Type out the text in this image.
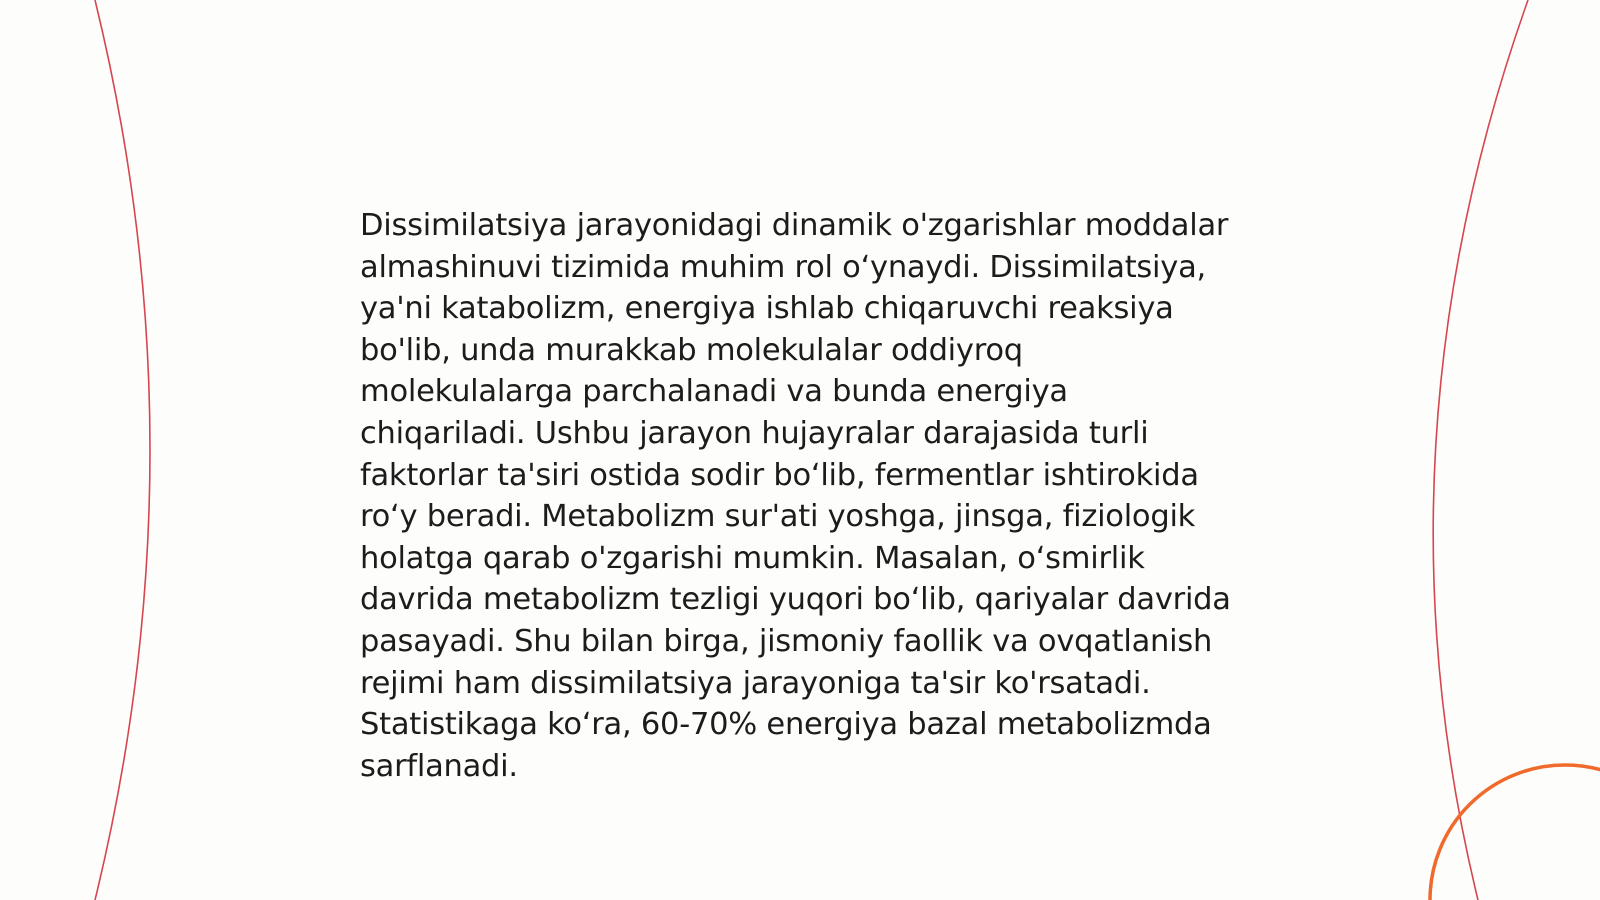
Dissimilatsiya jarayonidagi dinamik o'zgarishlar moddalar almashinuvi tizimida muhim rol oʻynaydi. Dissimilatsiya, ya'ni katabolizm, energiya ishlab chiqaruvchi reaksiya bo'lib, unda murakkab molekulalar oddiyroq molekulalarga parchalanadi va bunda energiya chiqariladi. Ushbu jarayon hujayralar darajasida turli faktorlar ta'siri ostida sodir boʻlib, fermentlar ishtirokida roʻy beradi. Metabolizm sur'ati yoshga, jinsga, fiziologik holatga qarab o'zgarishi mumkin. Masalan, oʻsmirlik davrida metabolizm tezligi yuqori boʻlib, qariyalar davrida pasayadi. Shu bilan birga, jismoniy faollik va ovqatlanish rejimi ham dissimilatsiya jarayoniga ta'sir ko'rsatadi. Statistikaga koʻra, 60-70% energiya bazal metabolizmda sarflanadi.
